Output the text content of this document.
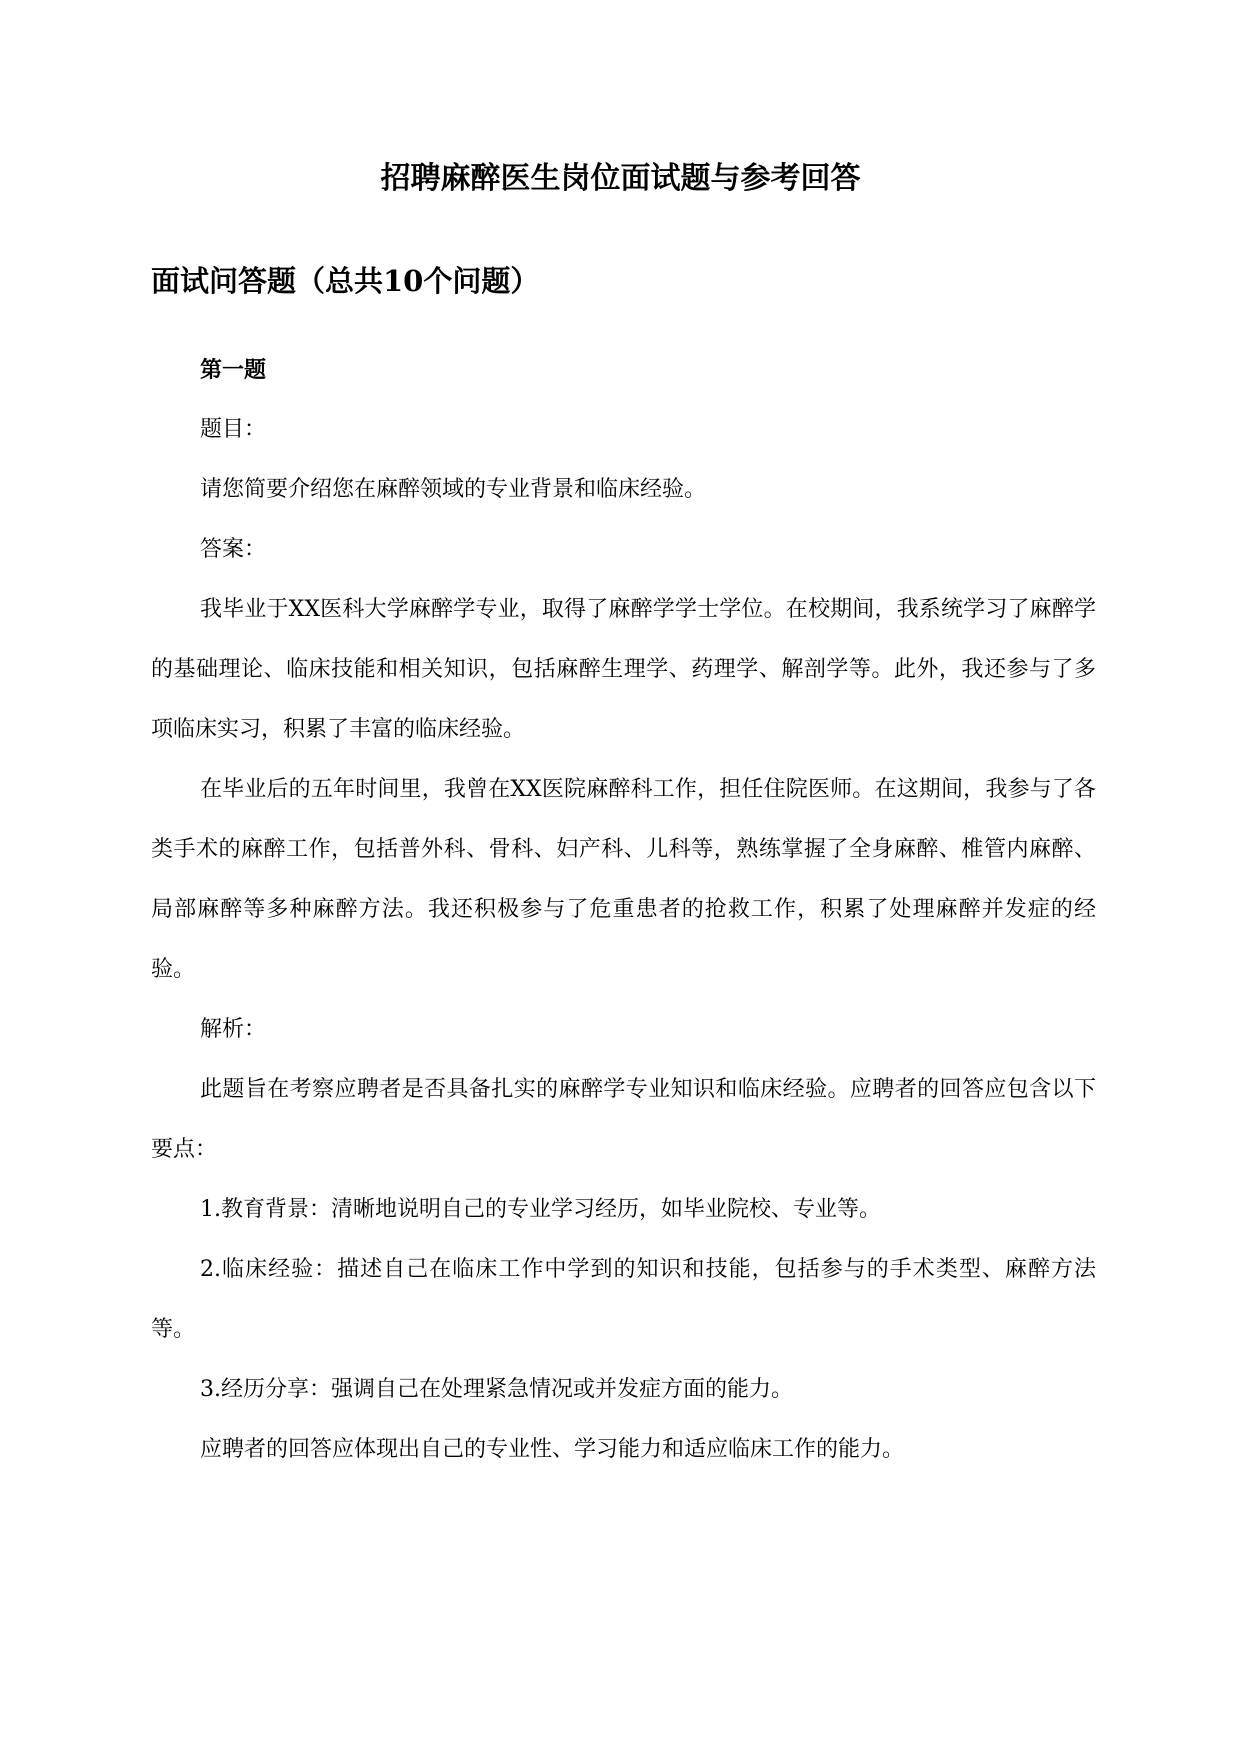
招聘麻醉医生岗位面试题与参考回答
面试问答题（总共10个问题）

第一题

题目：

请您简要介绍您在麻醉领域的专业背景和临床经验。

答案：

我毕业于XX医科大学麻醉学专业，取得了麻醉学学士学位。在校期间，我系统学习了麻醉学的基础理论、临床技能和相关知识，包括麻醉生理学、药理学、解剖学等。此外，我还参与了多项临床实习，积累了丰富的临床经验。

在毕业后的五年时间里，我曾在XX医院麻醉科工作，担任住院医师。在这期间，我参与了各类手术的麻醉工作，包括普外科、骨科、妇产科、儿科等，熟练掌握了全身麻醉、椎管内麻醉、局部麻醉等多种麻醉方法。我还积极参与了危重患者的抢救工作，积累了处理麻醉并发症的经验。

解析：

此题旨在考察应聘者是否具备扎实的麻醉学专业知识和临床经验。应聘者的回答应包含以下要点：

1.教育背景：清晰地说明自己的专业学习经历，如毕业院校、专业等。

2.临床经验：描述自己在临床工作中学到的知识和技能，包括参与的手术类型、麻醉方法等。

3.经历分享：强调自己在处理紧急情况或并发症方面的能力。

应聘者的回答应体现出自己的专业性、学习能力和适应临床工作的能力。
